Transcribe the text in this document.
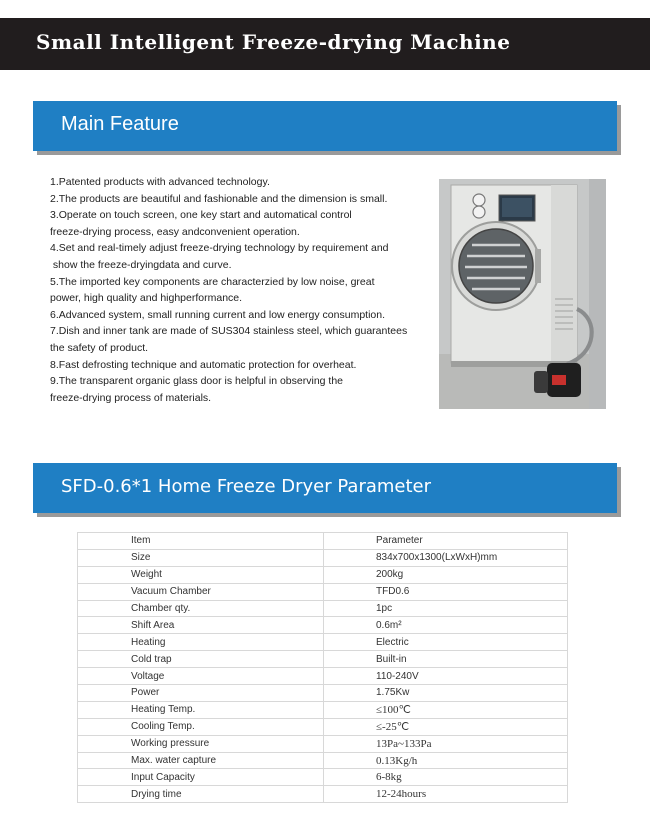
Small Intelligent Freeze-drying Machine
Main Feature
1.Patented products with advanced technology.
2.The products are beautiful and fashionable and the dimension is small.
3.Operate on touch screen, one key start and automatical control
freeze-drying process, easy andconvenient operation.
4.Set and real-timely adjust freeze-drying technology by requirement and
show the freeze-dryingdata and curve.
5.The imported key components are characterzied by low noise, great
power, high quality and highperformance.
6.Advanced system, small running current and low energy consumption.
7.Dish and inner tank are made of SUS304 stainless steel, which guarantees
the safety of product.
8.Fast defrosting technique and automatic protection for overheat.
9.The transparent organic glass door is helpful in observing the
freeze-drying process of materials.
SFD-0.6*1 Home Freeze Dryer Parameter
Item	Parameter
Size	834x700x1300(LxWxH)mm
Weight	200kg
Vacuum Chamber	TFD0.6
Chamber qty.	1pc
Shift Area	0.6m²
Heating	Electric
Cold trap	Built-in
Voltage	110-240V
Power	1.75Kw
Heating Temp.	≤100℃
Cooling Temp.	≤-25℃
Working pressure	13Pa~133Pa
Max. water capture	0.13Kg/h
Input Capacity	6-8kg
Drying time	12-24hours
